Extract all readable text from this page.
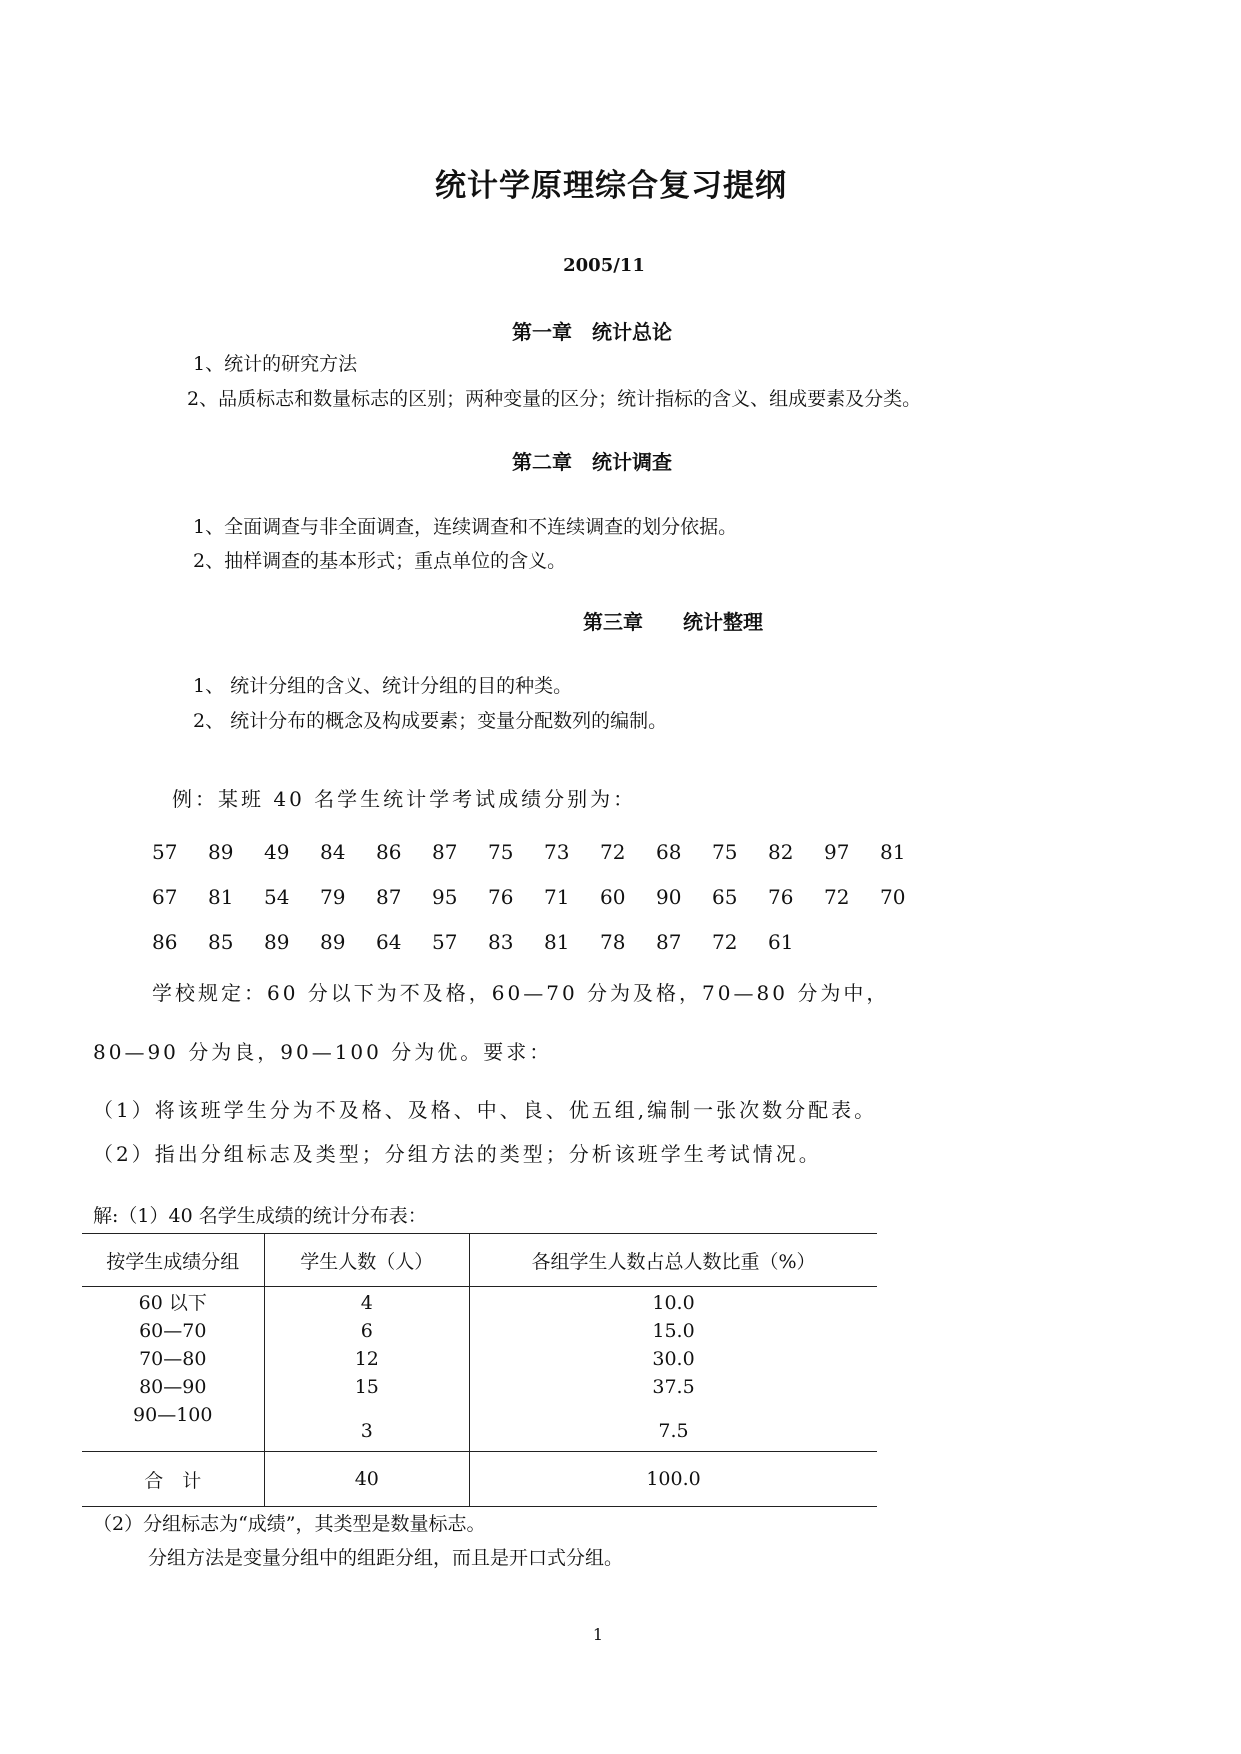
统计学原理综合复习提纲
2005/11
第一章　统计总论
1、统计的研究方法
2、品质标志和数量标志的区别；两种变量的区分；统计指标的含义、组成要素及分类。
第二章　统计调查
1、全面调查与非全面调查，连续调查和不连续调查的划分依据。
2、抽样调查的基本形式；重点单位的含义。
第三章　　统计整理
1、 统计分组的含义、统计分组的目的种类。
2、 统计分布的概念及构成要素；变量分配数列的编制。
例：某班 40 名学生统计学考试成绩分别为：
57	89	49	84	86	87	75	73	72	68	75	82	97	81
67	81	54	79	87	95	76	71	60	90	65	76	72	70
86	85	89	89	64	57	83	81	78	87	72	61
学校规定：60 分以下为不及格，60—70 分为及格，70—80 分为中，
80—90 分为良，90—100 分为优。要求：
（1）将该班学生分为不及格、及格、中、良、优五组,编制一张次数分配表。
（2）指出分组标志及类型；分组方法的类型；分析该班学生考试情况。
解:（1）40 名学生成绩的统计分布表：
按学生成绩分组	学生人数（人）	各组学生人数占总人数比重（%）
60 以下	4	10.0
60—70	6	15.0
70—80	12	30.0
80—90	15	37.5
90—100	3	7.5
合　计	40	100.0
（2）分组标志为“成绩”，其类型是数量标志。
分组方法是变量分组中的组距分组，而且是开口式分组。
1
